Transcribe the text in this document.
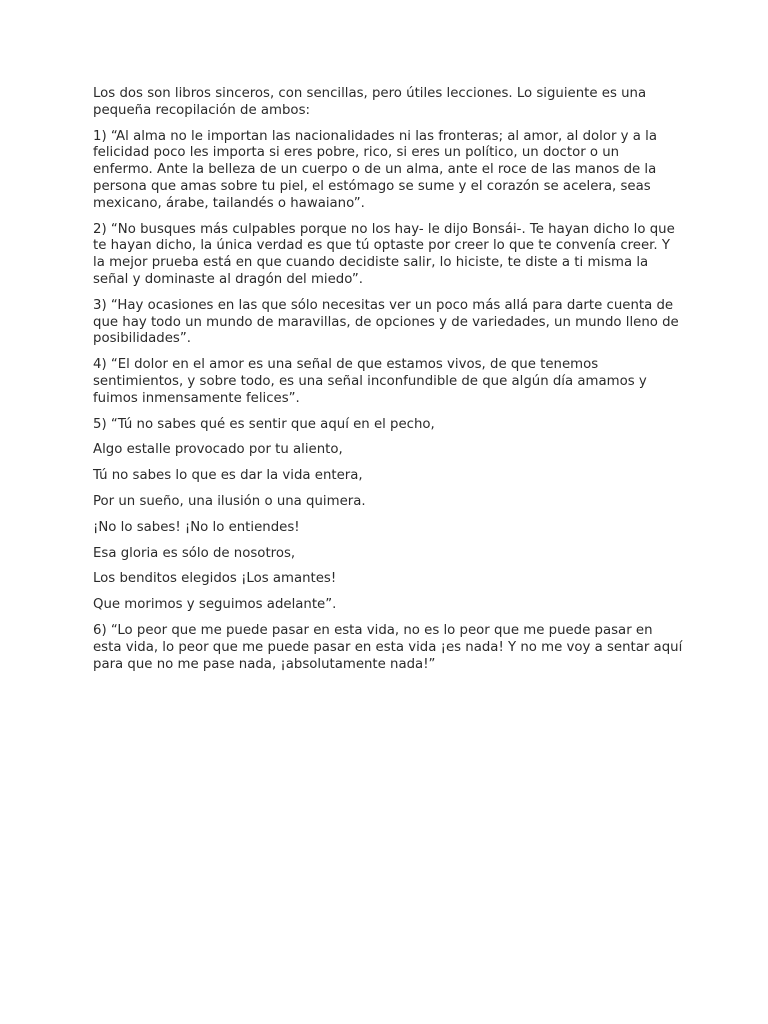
Los dos son libros sinceros, con sencillas, pero útiles lecciones. Lo siguiente es una pequeña recopilación de ambos:

1) “Al alma no le importan las nacionalidades ni las fronteras; al amor, al dolor y a la felicidad poco les importa si eres pobre, rico, si eres un político, un doctor o un enfermo. Ante la belleza de un cuerpo o de un alma, ante el roce de las manos de la persona que amas sobre tu piel, el estómago se sume y el corazón se acelera, seas mexicano, árabe, tailandés o hawaiano”.

2) “No busques más culpables porque no los hay- le dijo Bonsái-. Te hayan dicho lo que te hayan dicho, la única verdad es que tú optaste por creer lo que te convenía creer. Y la mejor prueba está en que cuando decidiste salir, lo hiciste, te diste a ti misma la señal y dominaste al dragón del miedo”.

3) “Hay ocasiones en las que sólo necesitas ver un poco más allá para darte cuenta de que hay todo un mundo de maravillas, de opciones y de variedades, un mundo lleno de posibilidades”.

4) “El dolor en el amor es una señal de que estamos vivos, de que tenemos sentimientos, y sobre todo, es una señal inconfundible de que algún día amamos y fuimos inmensamente felices”.

5) “Tú no sabes qué es sentir que aquí en el pecho,

Algo estalle provocado por tu aliento,

Tú no sabes lo que es dar la vida entera,

Por un sueño, una ilusión o una quimera.

¡No lo sabes! ¡No lo entiendes!

Esa gloria es sólo de nosotros,

Los benditos elegidos ¡Los amantes!

Que morimos y seguimos adelante”.

6) “Lo peor que me puede pasar en esta vida, no es lo peor que me puede pasar en esta vida, lo peor que me puede pasar en esta vida ¡es nada! Y no me voy a sentar aquí para que no me pase nada, ¡absolutamente nada!”
